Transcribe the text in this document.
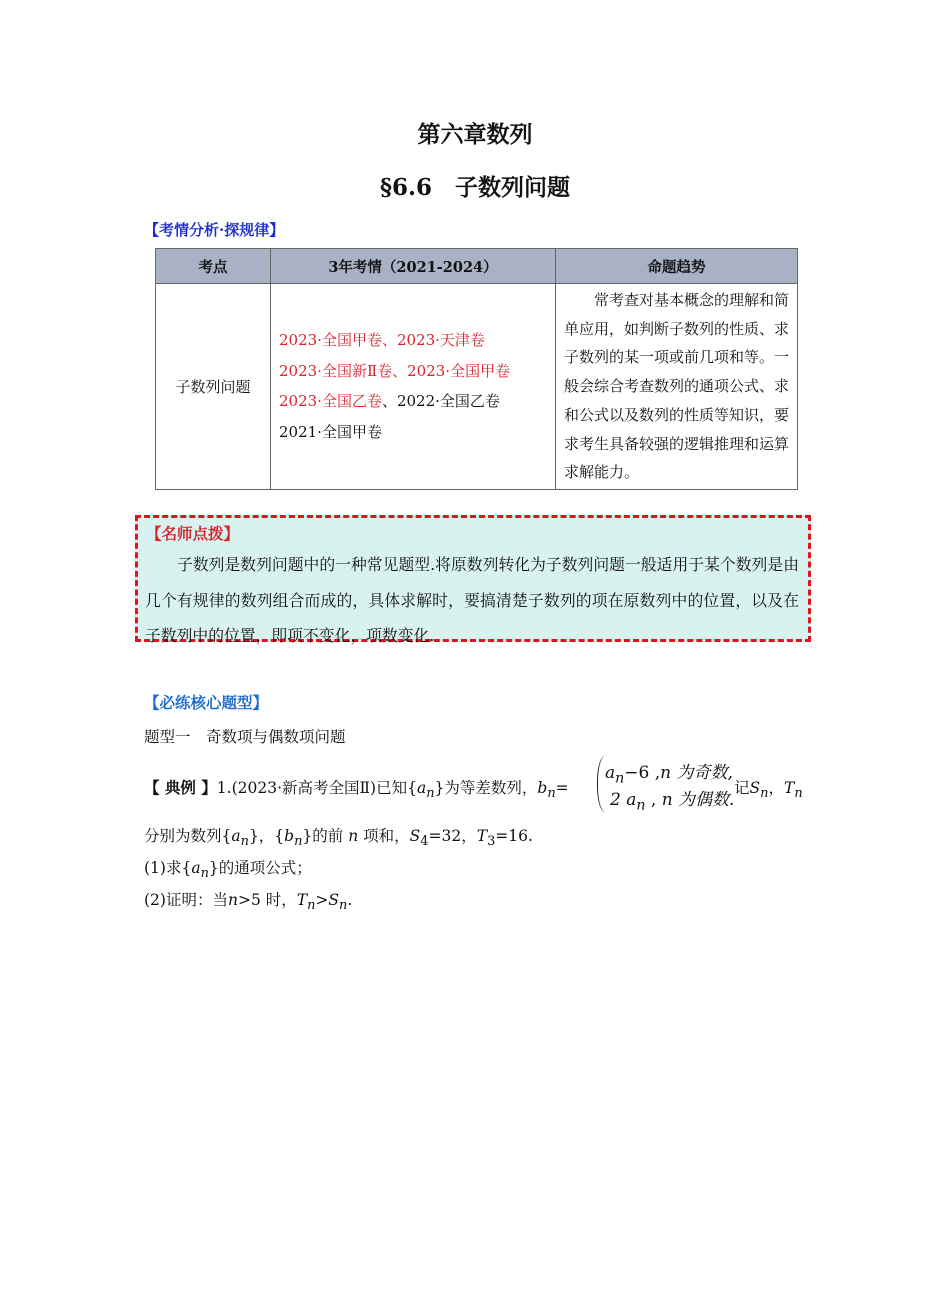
第六章数列
§6.6　子数列问题
【考情分析·探规律】
考点	3年考情（2021-2024）	命题趋势
子数列问题	2023·全国甲卷、2023·天津卷
2023·全国新Ⅱ卷、2023·全国甲卷
2023·全国乙卷、2022·全国乙卷
2021·全国甲卷	常考查对基本概念的理解和简单应用，如判断子数列的性质、求子数列的某一项或前几项和等。一般会综合考查数列的通项公式、求和公式以及数列的性质等知识，要求考生具备较强的逻辑推理和运算求解能力。
【名师点拨】
子数列是数列问题中的一种常见题型.将原数列转化为子数列问题一般适用于某个数列是由几个有规律的数列组合而成的，具体求解时，要搞清楚子数列的项在原数列中的位置，以及在子数列中的位置，即项不变化，项数变化.
【必练核心题型】
题型一　奇数项与偶数项问题
【 典例 】1.(2023·新高考全国Ⅱ)已知$\{a_n\}$为等差数列，$b_n=$
$a_n-6$ ,n 为奇数,
2 $a_n$ , n 为偶数.
记$S_n$，$T_n$
分别为数列$\{a_n\}$，$\{b_n\}$的前 n 项和，$S_4=32$，$T_3=16$.
(1)求$\{a_n\}$的通项公式；
(2)证明：当n>5 时，$T_n>S_n$.
